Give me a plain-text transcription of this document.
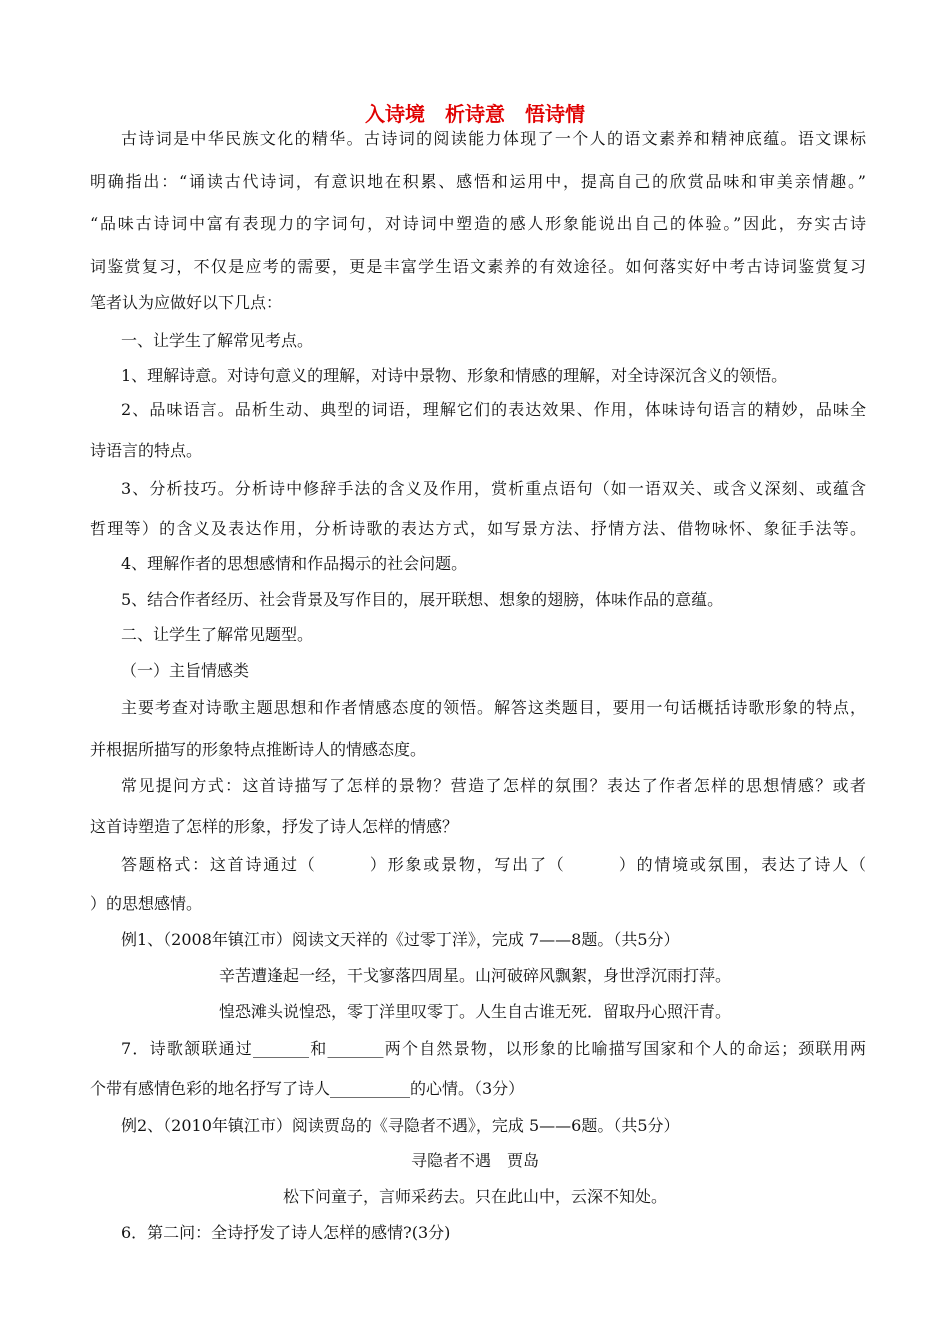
入诗境　析诗意　悟诗情
古诗词是中华民族文化的精华。古诗词的阅读能力体现了一个人的语文素养和精神底蕴。语文课标
明确指出：“诵读古代诗词，有意识地在积累、感悟和运用中，提高自己的欣赏品味和审美亲情趣。”
“品味古诗词中富有表现力的字词句，对诗词中塑造的感人形象能说出自己的体验。”因此，夯实古诗
词鉴赏复习，不仅是应考的需要，更是丰富学生语文素养的有效途径。如何落实好中考古诗词鉴赏复习
笔者认为应做好以下几点：
一、让学生了解常见考点。
1、理解诗意。对诗句意义的理解，对诗中景物、形象和情感的理解，对全诗深沉含义的领悟。
2、品味语言。品析生动、典型的词语，理解它们的表达效果、作用，体味诗句语言的精妙，品味全
诗语言的特点。
3、分析技巧。分析诗中修辞手法的含义及作用，赏析重点语句（如一语双关、或含义深刻、或蕴含
哲理等）的含义及表达作用，分析诗歌的表达方式，如写景方法、抒情方法、借物咏怀、象征手法等。
4、理解作者的思想感情和作品揭示的社会问题。
5、结合作者经历、社会背景及写作目的，展开联想、想象的翅膀，体味作品的意蕴。
二、让学生了解常见题型。
（一）主旨情感类
主要考查对诗歌主题思想和作者情感态度的领悟。解答这类题目，要用一句话概括诗歌形象的特点，
并根据所描写的形象特点推断诗人的情感态度。
常见提问方式：这首诗描写了怎样的景物？营造了怎样的氛围？表达了作者怎样的思想情感？或者
这首诗塑造了怎样的形象，抒发了诗人怎样的情感？
答题格式：这首诗通过（　　　）形象或景物，写出了（　　　）的情境或氛围，表达了诗人（
）的思想感情。
例1、（2008年镇江市）阅读文天祥的《过零丁洋》，完成 7——8题。（共5分）
辛苦遭逢起一经，干戈寥落四周星。山河破碎风飘絮，身世浮沉雨打萍。
惶恐滩头说惶恐，零丁洋里叹零丁。人生自古谁无死．留取丹心照汗青。
7．诗歌颔联通过_______和_______两个自然景物，以形象的比喻描写国家和个人的命运；颈联用两
个带有感情色彩的地名抒写了诗人__________的心情。（3分）
例2、（2010年镇江市）阅读贾岛的《寻隐者不遇》，完成 5——6题。（共5分）
寻隐者不遇　贾岛
松下问童子，言师采药去。只在此山中，云深不知处。
6．第二问：全诗抒发了诗人怎样的感情?(3分)
